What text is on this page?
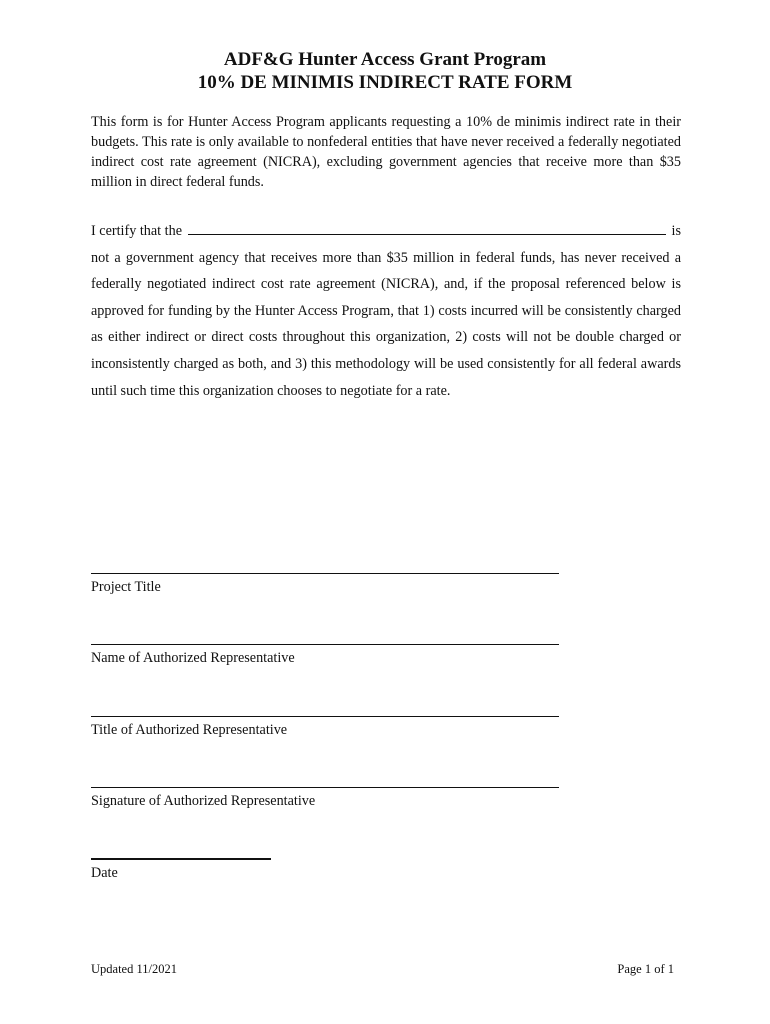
ADF&G Hunter Access Grant Program
10% DE MINIMIS INDIRECT RATE FORM

This form is for Hunter Access Program applicants requesting a 10% de minimis indirect rate in their budgets. This rate is only available to nonfederal entities that have never received a federally negotiated indirect cost rate agreement (NICRA), excluding government agencies that receive more than $35 million in direct federal funds.

I certify that the	is
not a government agency that receives more than $35 million in federal funds, has never received a federally negotiated indirect cost rate agreement (NICRA), and, if the proposal referenced below is approved for funding by the Hunter Access Program, that 1) costs incurred will be consistently charged as either indirect or direct costs throughout this organization, 2) costs will not be double charged or inconsistently charged as both, and 3) this methodology will be used consistently for all federal awards until such time this organization chooses to negotiate for a rate.
Project Title
Name of Authorized Representative
Title of Authorized Representative
Signature of Authorized Representative
Date
Updated 11/2021	Page 1 of 1
